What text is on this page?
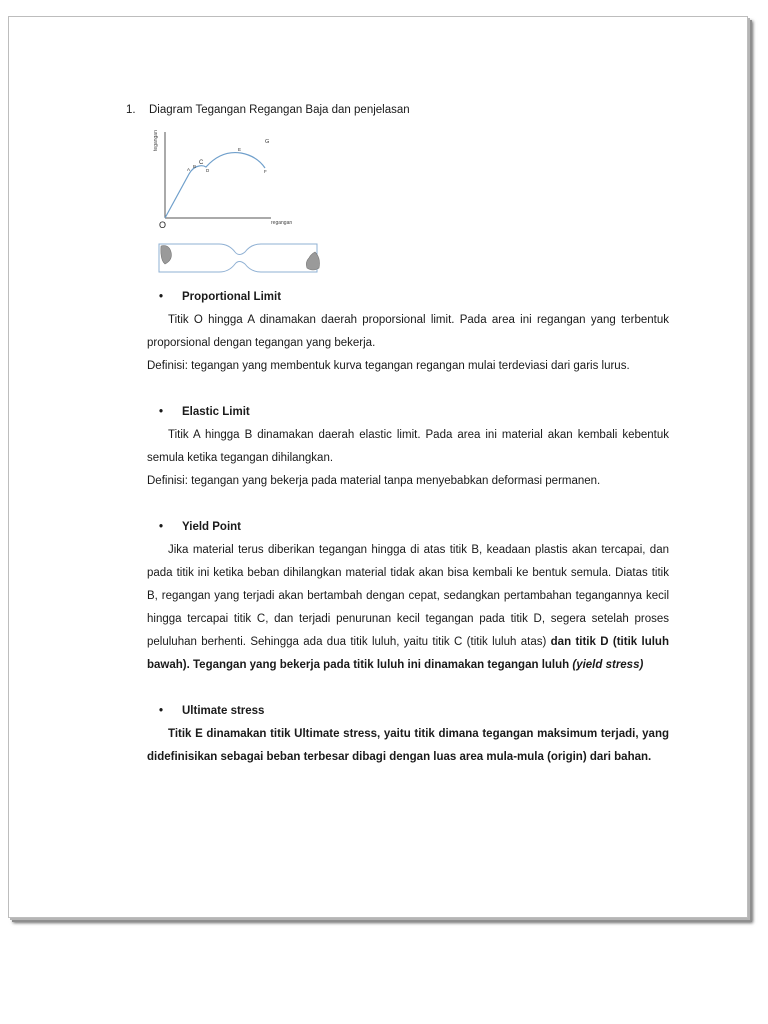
1. Diagram Tegangan Regangan Baja dan penjelasan
tegangan
regangan
O
A
B
C
D
E
F
G
• Proportional Limit

Titik O hingga A dinamakan daerah proporsional limit. Pada area ini regangan yang terbentuk proporsional dengan tegangan yang bekerja.

Definisi: tegangan yang membentuk kurva tegangan regangan mulai terdeviasi dari garis lurus.

• Elastic Limit

Titik A hingga B dinamakan daerah elastic limit. Pada area ini material akan kembali kebentuk semula ketika tegangan dihilangkan.

Definisi: tegangan yang bekerja pada material tanpa menyebabkan deformasi permanen.

• Yield Point

Jika material terus diberikan tegangan hingga di atas titik B, keadaan plastis akan tercapai, dan pada titik ini ketika beban dihilangkan material tidak akan bisa kembali ke bentuk semula. Diatas titik B, regangan yang terjadi akan bertambah dengan cepat, sedangkan pertambahan tegangannya kecil hingga tercapai titik C, dan terjadi penurunan kecil tegangan pada titik D, segera setelah proses peluluhan berhenti. Sehingga ada dua titik luluh, yaitu titik C (titik luluh atas) dan titik D (titik luluh bawah). Tegangan yang bekerja pada titik luluh ini dinamakan tegangan luluh (yield stress)

• Ultimate stress

Titik E dinamakan titik Ultimate stress, yaitu titik dimana tegangan maksimum terjadi, yang didefinisikan sebagai beban terbesar dibagi dengan luas area mula-mula (origin) dari bahan.
